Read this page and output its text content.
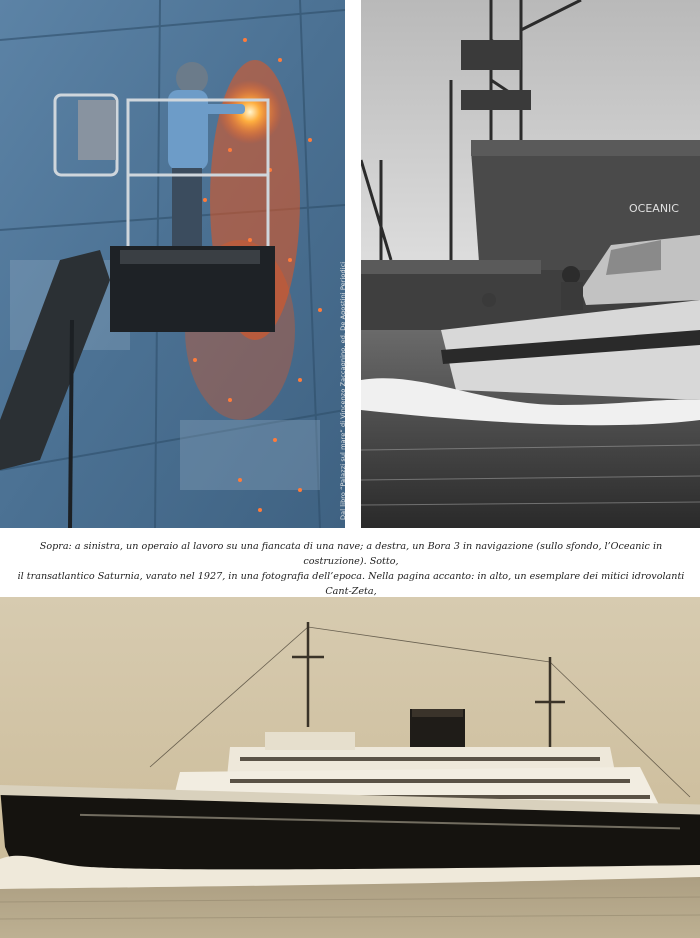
Dal libro “Palazzi sul mare” di Vincenzo Zaccagnino, ed. De Agostini Periodici
OCEANIC

Sopra: a sinistra, un operaio al lavoro su una fiancata di una nave; a destra, un Bora 3 in navigazione (sullo sfondo, l’Oceanic in costruzione). Sotto,

il transatlantico Saturnia, varato nel 1927, in una fotografia dell’epoca. Nella pagina accanto: in alto, un esemplare dei mitici idrovolanti Cant-Zeta,
